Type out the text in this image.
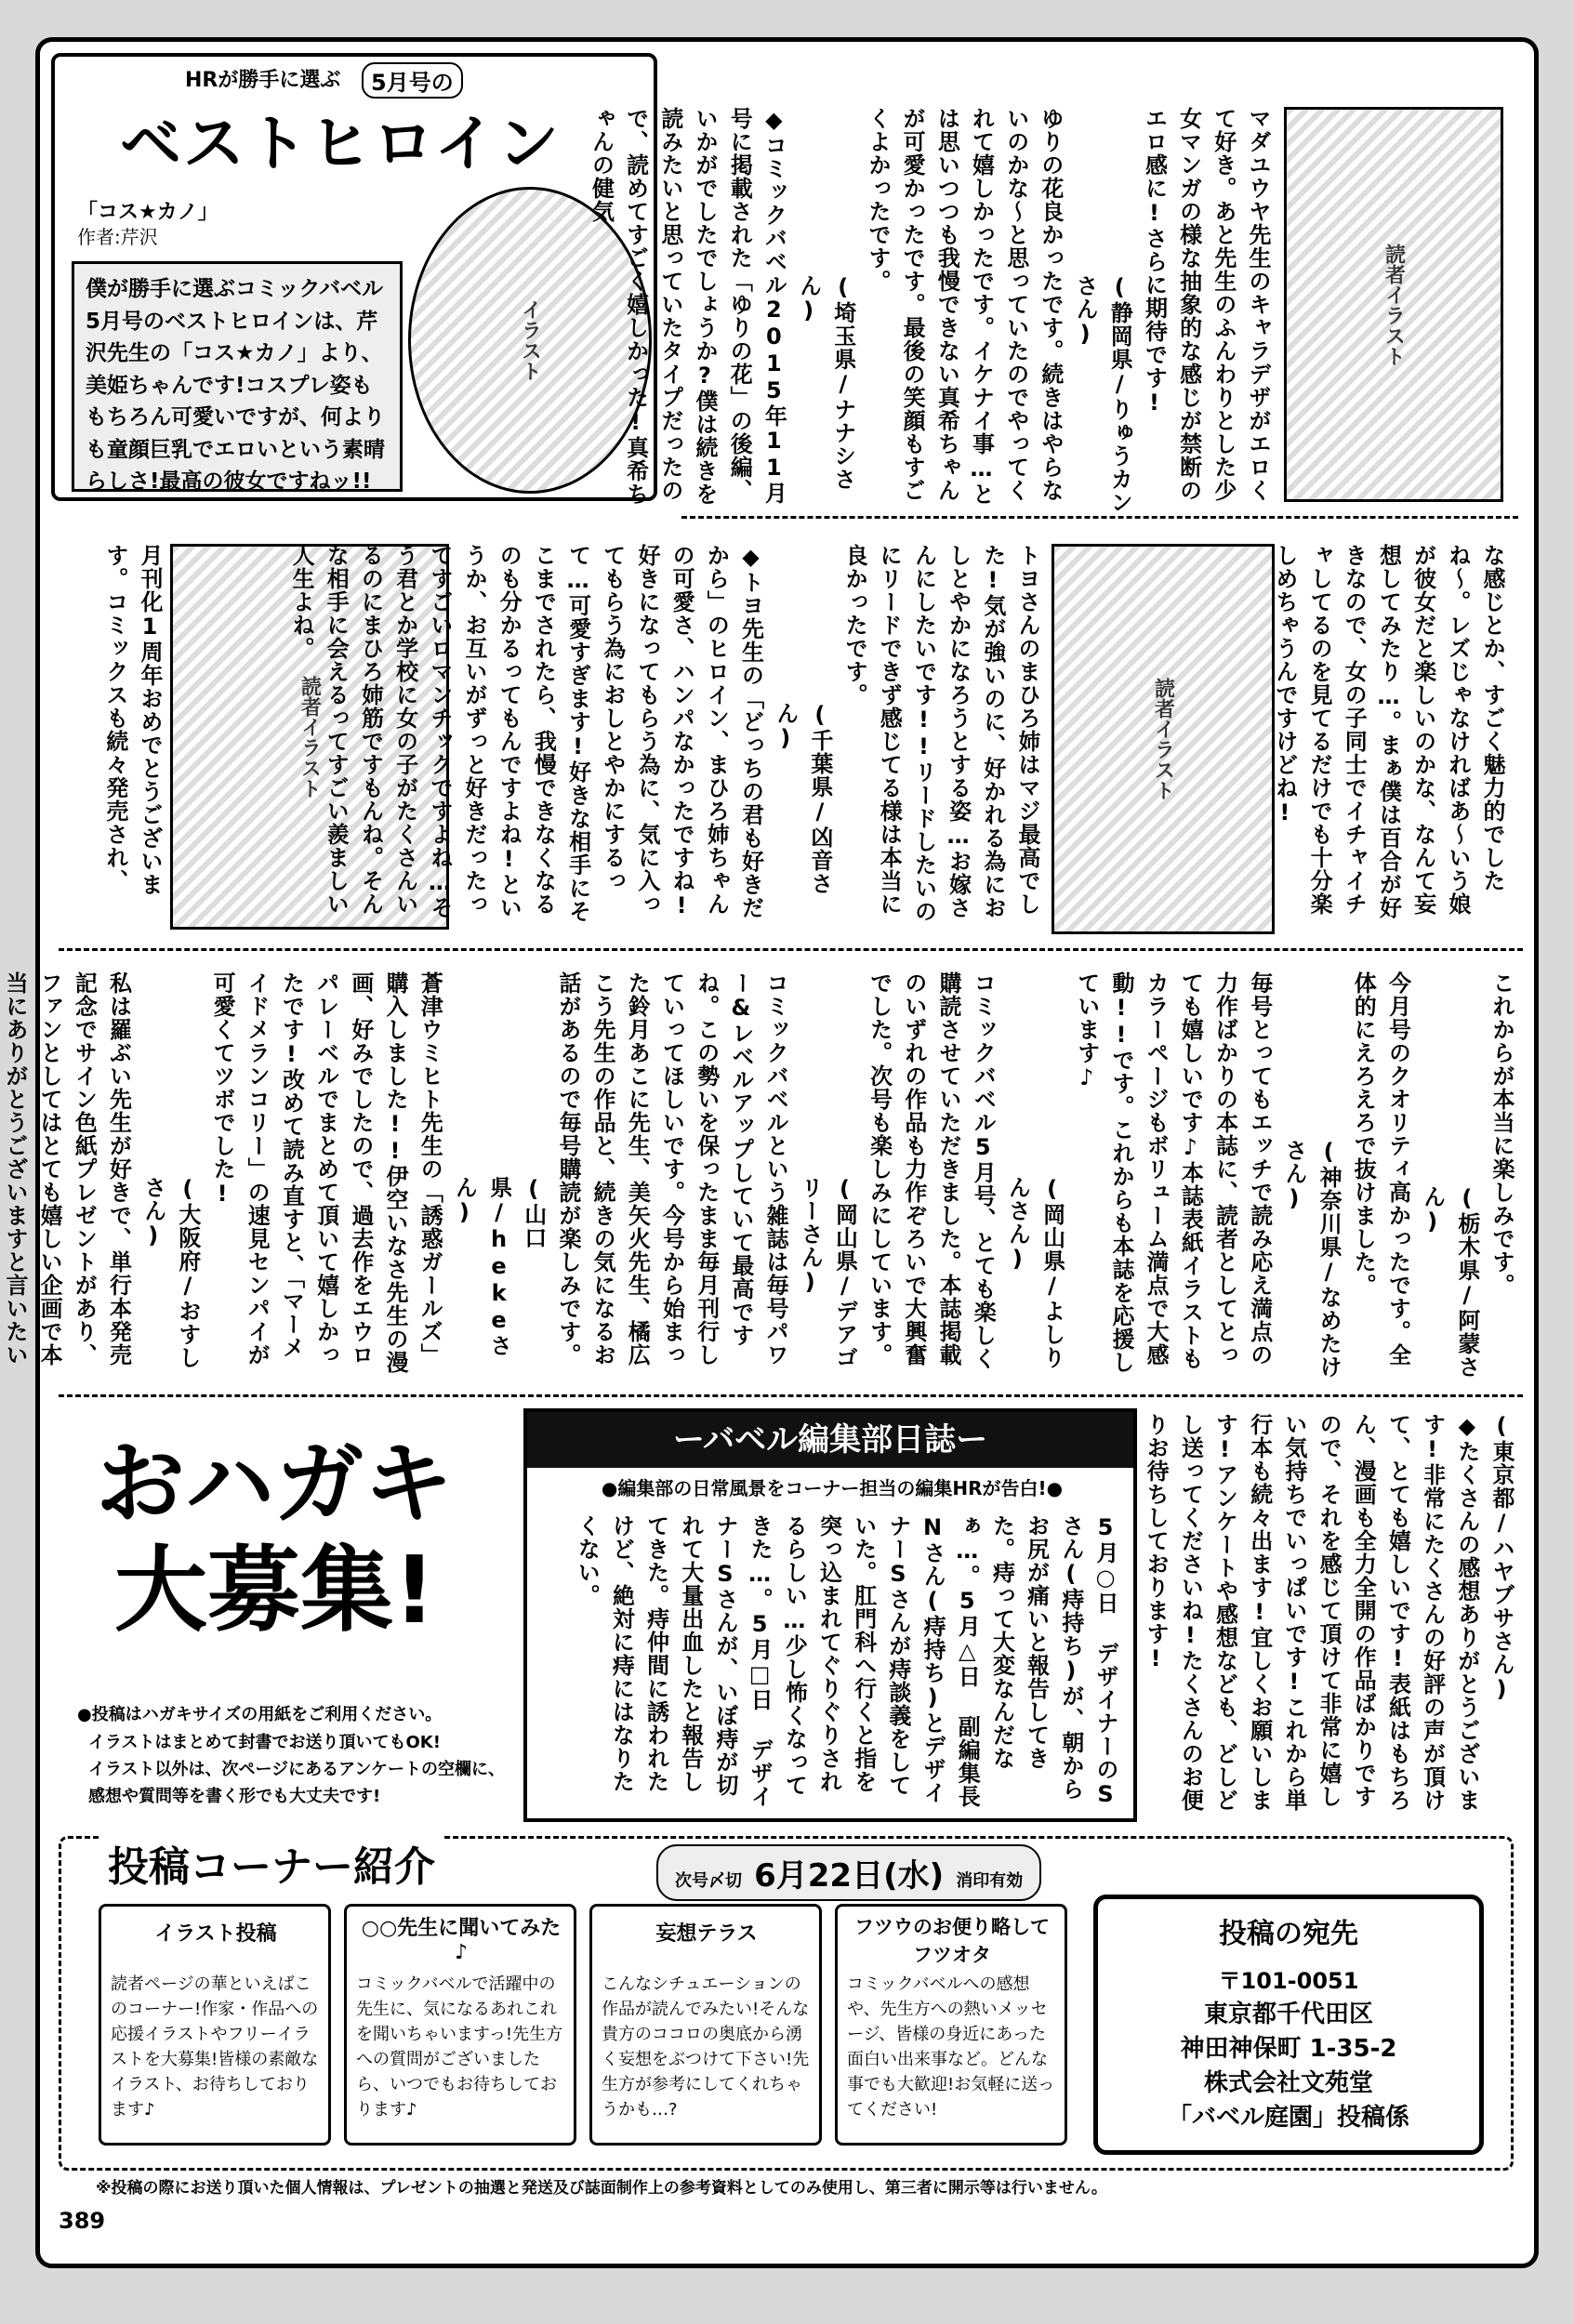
HRが勝手に選ぶ	5月号の
ベストヒロイン
「コス★カノ」
作者:芹沢
僕が勝手に選ぶコミックバベル5月号のベストヒロインは、芹沢先生の「コス★カノ」より、美姫ちゃんです!コスプレ姿ももちろん可愛いですが、何よりも童顔巨乳でエロいという素晴らしさ!最高の彼女ですねッ!!
イラスト	マダユウヤ先生のキャラデザがエロくて好き。あと先生のふんわりとした少女マンガの様な抽象的な感じが禁断のエロ感に!さらに期待です!
(静岡県/りゅうカンさん)
ゆりの花良かったです。続きはやらないのかな〜と思っていたのでやってくれて嬉しかったです。イケナイ事…とは思いつつも我慢できない真希ちゃんが可愛かったです。最後の笑顔もすごくよかったです。
(埼玉県/ナナシさん)
◆コミックバベル2015年11月号に掲載された「ゆりの花」の後編、いかがでしたでしょうか?僕は続きを読みたいと思っていたタイプだったので、読めてすごく嬉しかった!真希ちゃんの健気
読者イラスト
読者イラスト	読者イラスト	な感じとか、すごく魅力的でしたね〜。レズじゃなければあ〜いう娘が彼女だと楽しいのかな、なんて妄想してみたり…。まぁ僕は百合が好きなので、女の子同士でイチャイチャしてるのを見てるだけでも十分楽しめちゃうんですけどね!
トヨさんのまひろ姉はマジ最高でした!気が強いのに、好かれる為におしとやかになろうとする姿…お嫁さんにしたいです!!リードしたいのにリードできず感じてる様は本当に良かったです。
(千葉県/凶音さん)
◆トヨ先生の「どっちの君も好きだから」のヒロイン、まひろ姉ちゃんの可愛さ、ハンパなかったですね!好きになってもらう為に、気に入ってもらう為におしとやかにするって…可愛すぎます!好きな相手にそこまでされたら、我慢できなくなるのも分かるってもんですよね!というか、お互いがずっと好きだったってすごいロマンチックですよね…そう君とか学校に女の子がたくさんいるのにまひろ姉筋ですもんね。そんな相手に会えるってすごい羨ましい人生よね。
月刊化1周年おめでとうございます。コミックスも続々発売され、
これからが本当に楽しみです。
(栃木県/阿蒙さん)
今月号のクオリティ高かったです。全体的にえろえろで抜けました。
(神奈川県/なめたけさん)
毎号とってもエッチで読み応え満点の力作ばかりの本誌に、読者としてとっても嬉しいです♪本誌表紙イラストもカラーページもボリューム満点で大感動!!です。これからも本誌を応援しています♪
(岡山県/よしりんさん)
コミックバベル5月号、とても楽しく購読させていただきました。本誌掲載のいずれの作品も力作ぞろいで大興奮でした。次号も楽しみにしています。
(岡山県/デアゴリーさん)
コミックバベルという雑誌は毎号パワー&レベルアップしていて最高ですね。この勢いを保ったまま毎月刊行していってほしいです。今号から始まった鈴月あこに先生、美矢火先生、橘広こう先生の作品と、続きの気になるお話があるので毎号購読が楽しみです。
(山口県/hekeさん)
蒼津ウミヒト先生の「誘惑ガールズ」購入しました!!伊空いなさ先生の漫画、好みでしたので、過去作をエウロパレーベルでまとめて頂いて嬉しかったです!改めて読み直すと、「マーメイドメランコリー」の速見センパイが可愛くてツボでした!
(大阪府/おすしさん)
私は羅ぶい先生が好きで、単行本発売記念でサイン色紙プレゼントがあり、ファンとしてはとても嬉しい企画で本当にありがとうございますと言いたい
おハガキ
大募集!
●投稿はハガキサイズの用紙をご利用ください。
イラストはまとめて封書でお送り頂いてもOK!
イラスト以外は、次ページにあるアンケートの空欄に、感想や質問等を書く形でも大丈夫です!
ーバベル編集部日誌ー
●編集部の日常風景をコーナー担当の編集HRが告白!●
5月○日 デザイナーのSさん(痔持ち)が、朝からお尻が痛いと報告してきた。痔って大変なんだなぁ…。5月△日 副編集長Nさん(痔持ち)とデザイナーSさんが痔談義をしていた。肛門科へ行くと指を突っ込まれてぐりぐりされるらしい…少し怖くなってきた…。5月□日 デザイナーSさんが、いぼ痔が切れて大量出血したと報告してきた。痔仲間に誘われたけど、絶対に痔にはなりたくない。	(東京都/ハヤブサさん)
◆たくさんの感想ありがとうございます!非常にたくさんの好評の声が頂けて、とても嬉しいです!表紙はもちろん、漫画も全力全開の作品ばかりですので、それを感じて頂けて非常に嬉しい気持ちでいっぱいです!これから単行本も続々出ます!宜しくお願いします!アンケートや感想なども、どしどし送ってくださいね!たくさんのお便りお待ちしております!
投稿コーナー紹介	次号〆切 6月22日(水) 消印有効
イラスト投稿
読者ページの華といえばこのコーナー!作家・作品への応援イラストやフリーイラストを大募集!皆様の素敵なイラスト、お待ちしております♪
○○先生に聞いてみた♪
コミックバベルで活躍中の先生に、気になるあれこれを聞いちゃいますっ!先生方への質問がございましたら、いつでもお待ちしております♪
妄想テラス
こんなシチュエーションの作品が読んでみたい!そんな貴方のココロの奥底から湧く妄想をぶつけて下さい!先生方が参考にしてくれちゃうかも…?
フツウのお便り略してフツオタ
コミックバベルへの感想や、先生方への熱いメッセージ、皆様の身近にあった面白い出来事など。どんな事でも大歓迎!お気軽に送ってください!
投稿の宛先
〒101-0051
東京都千代田区
神田神保町 1-35-2
株式会社文苑堂
「バベル庭園」投稿係
※投稿の際にお送り頂いた個人情報は、プレゼントの抽選と発送及び誌面制作上の参考資料としてのみ使用し、第三者に開示等は行いません。
389
